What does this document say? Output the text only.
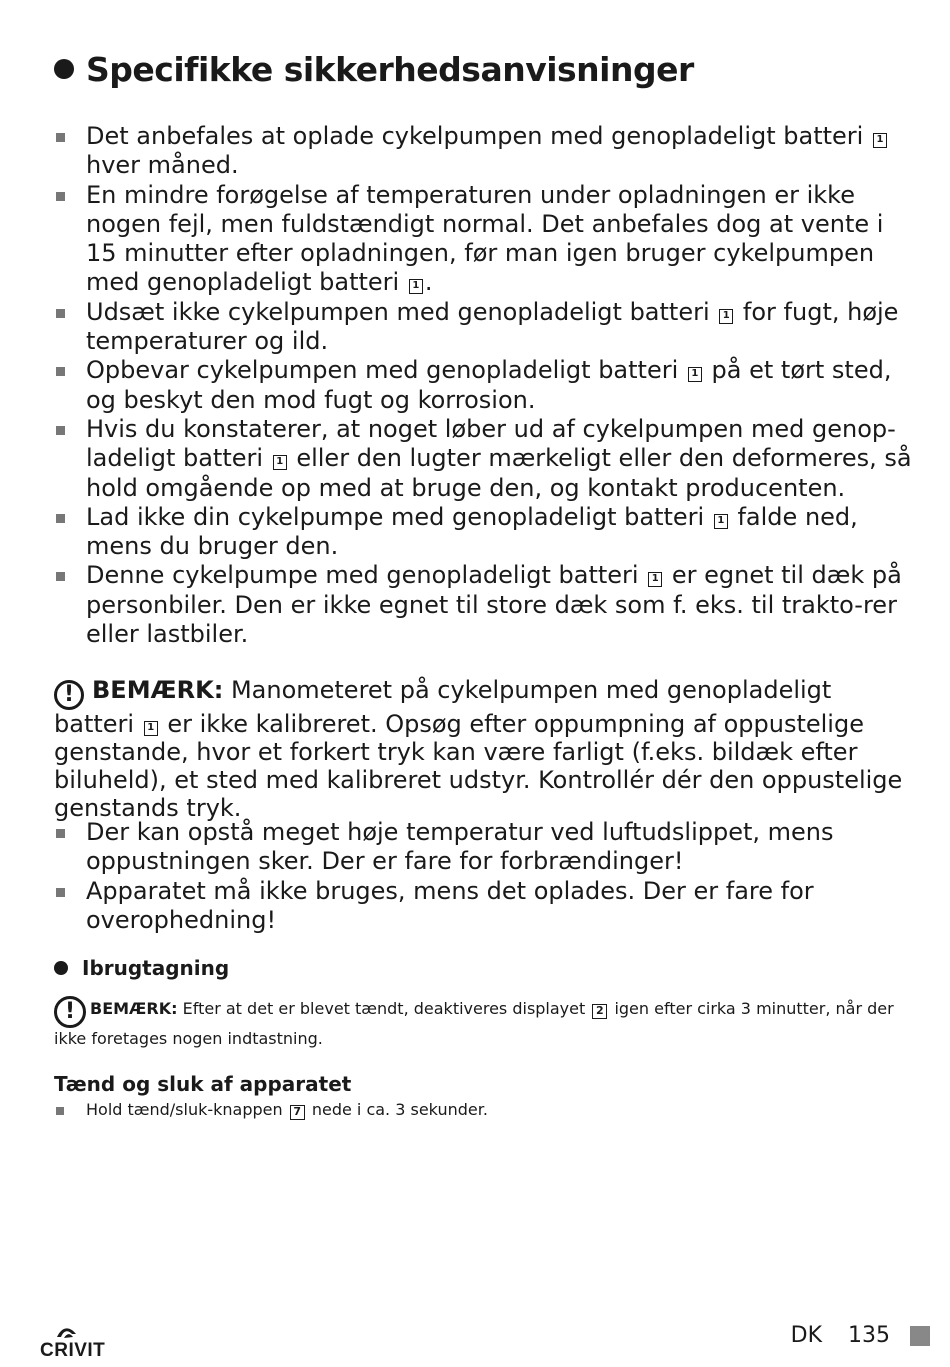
Specifikke sikkerhedsanvisninger
Det anbefales at oplade cykelpumpen med genopladeligt batteri 1
hver måned.
En mindre forøgelse af temperaturen under opladningen er ikke nogen fejl, men fuldstændigt normal. Det anbefales dog at vente i 15 minutter efter opladningen, før man igen bruger cykelpumpen med genopladeligt batteri 1 .
Udsæt ikke cykelpumpen med genopladeligt batteri 1 for fugt, høje temperaturer og ild.
Opbevar cykelpumpen med genopladeligt batteri 1 på et tørt sted, og beskyt den mod fugt og korrosion.
Hvis du konstaterer, at noget løber ud af cykelpumpen med genop-ladeligt batteri 1 eller den lugter mærkeligt eller den deformeres, så hold omgående op med at bruge den, og kontakt producenten.
Lad ikke din cykelpumpe med genopladeligt batteri 1 falde ned, mens du bruger den.
Denne cykelpumpe med genopladeligt batteri 1 er egnet til dæk på personbiler. Den er ikke egnet til store dæk som f. eks. til trakto-rer eller lastbiler.
! BEMÆRK: Manometeret på cykelpumpen med genopladeligt batteri 1 er ikke kalibreret. Opsøg efter oppumpning af oppustelige genstande, hvor et forkert tryk kan være farligt (f.eks. bildæk efter biluheld), et sted med kalibreret udstyr. Kontrollér dér den oppustelige genstands tryk.
Der kan opstå meget høje temperatur ved luftudslippet, mens oppustningen sker. Der er fare for forbrændinger!
Apparatet må ikke bruges, mens det oplades. Der er fare for overophedning!
Ibrugtagning
! BEMÆRK: Efter at det er blevet tændt, deaktiveres displayet 2 igen efter cirka 3 minutter, når der ikke foretages nogen indtastning.
Tænd og sluk af apparatet
Hold tænd/sluk-knappen 7 nede i ca. 3 sekunder.
CRIVIT
DK 135
